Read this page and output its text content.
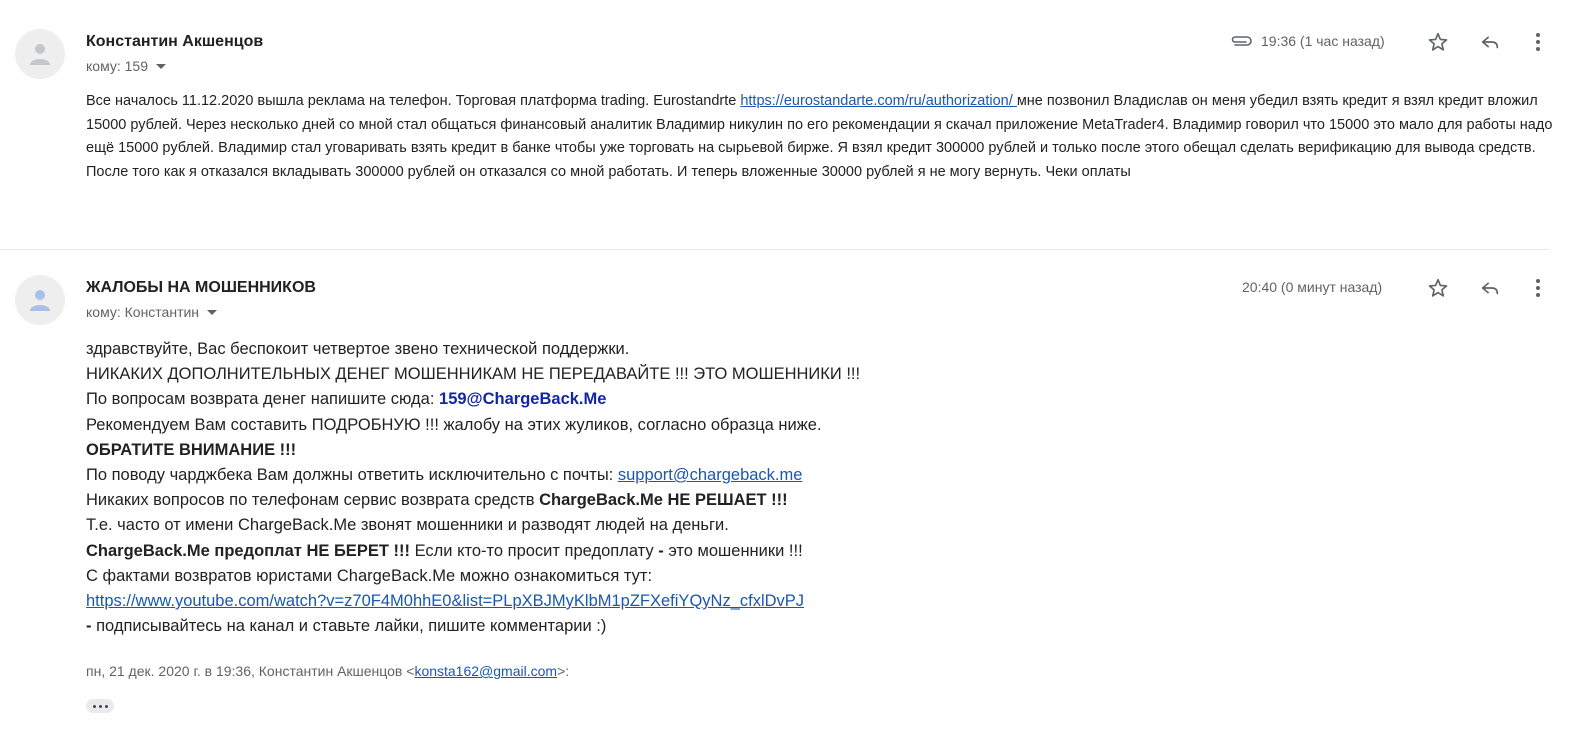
Константин Акшенцов
кому: 159
19:36 (1 час назад)
Все началось 11.12.2020 вышла реклама на телефон. Торговая платформа trading. Eurostandrte https://eurostandarte.com/ru/authorization/ мне позвонил Владислав он меня убедил взять кредит я взял кредит вложил 15000 рублей. Через несколько дней со мной стал общаться финансовый аналитик Владимир никулин по его рекомендации я скачал приложение MetaTrader4. Владимир говорил что 15000 это мало для работы надо ещё 15000 рублей. Владимир стал уговаривать взять кредит в банке чтобы уже торговать на сырьевой бирже. Я взял кредит 300000 рублей и только после этого обещал сделать верификацию для вывода средств. После того как я отказался вкладывать 300000 рублей он отказался со мной работать. И теперь вложенные 30000 рублей я не могу вернуть. Чеки оплаты
ЖАЛОБЫ НА МОШЕННИКОВ
кому: Константин
20:40 (0 минут назад)
здравствуйте, Вас беспокоит четвертое звено технической поддержки.
НИКАКИХ ДОПОЛНИТЕЛЬНЫХ ДЕНЕГ МОШЕННИКАМ НЕ ПЕРЕДАВАЙТЕ !!! ЭТО МОШЕННИКИ !!!
По вопросам возврата денег напишите сюда: 159@ChargeBack.Me
Рекомендуем Вам составить ПОДРОБНУЮ !!! жалобу на этих жуликов, согласно образца ниже.
ОБРАТИТЕ ВНИМАНИЕ !!!
По поводу чарджбека Вам должны ответить исключительно с почты: support@chargeback.me
Никаких вопросов по телефонам сервис возврата средств ChargeBack.Me НЕ РЕШАЕТ !!!
Т.е. часто от имени ChargeBack.Me звонят мошенники и разводят людей на деньги.
ChargeBack.Me предоплат НЕ БЕРЕТ !!! Если кто-то просит предоплату - это мошенники !!!
С фактами возвратов юристами ChargeBack.Me можно ознакомиться тут:
https://www.youtube.com/watch?v=z70F4M0hhE0&list=PLpXBJMyKlbM1pZFXefiYQyNz_cfxlDvPJ
- подписывайтесь на канал и ставьте лайки, пишите комментарии :)
пн, 21 дек. 2020 г. в 19:36, Константин Акшенцов <konsta162@gmail.com>:
